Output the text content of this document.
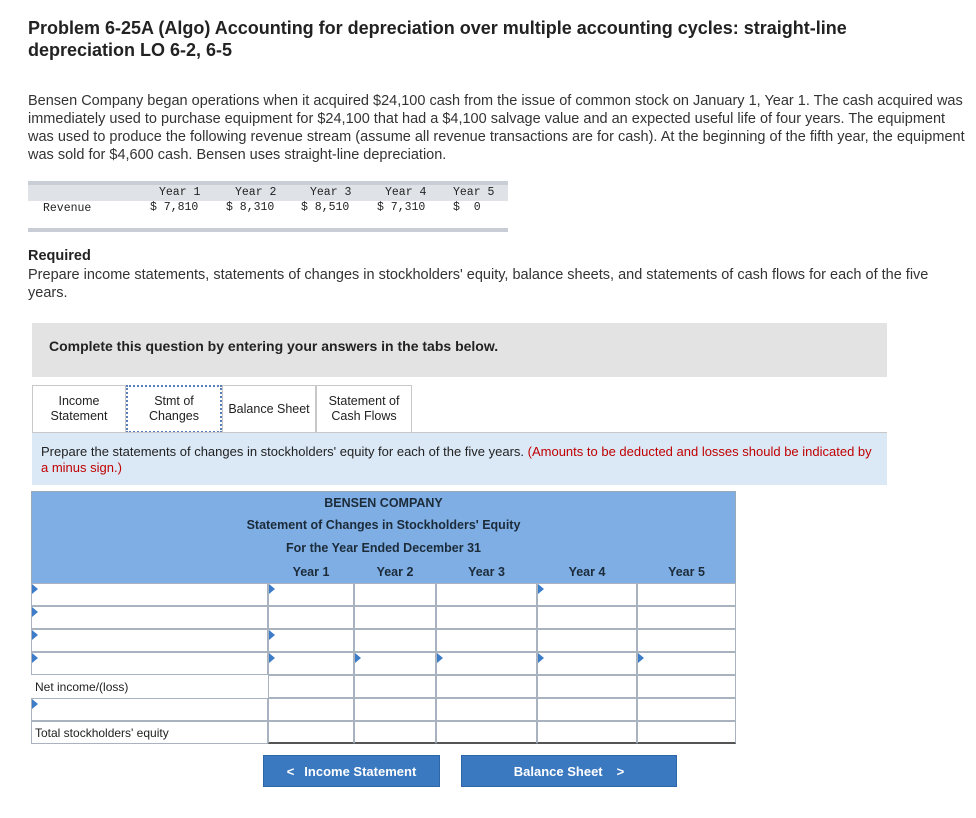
Problem 6-25A (Algo) Accounting for depreciation over multiple accounting cycles: straight-line depreciation LO 6-2, 6-5
Bensen Company began operations when it acquired $24,100 cash from the issue of common stock on January 1, Year 1. The cash acquired was immediately used to purchase equipment for $24,100 that had a $4,100 salvage value and an expected useful life of four years. The equipment was used to produce the following revenue stream (assume all revenue transactions are for cash). At the beginning of the fifth year, the equipment was sold for $4,600 cash. Bensen uses straight-line depreciation.
Year 1	Year 2	Year 3	Year 4 Year 5
Revenue	$ 7,810 $ 8,310 $ 8,510 $ 7,310 $  0
Required
Prepare income statements, statements of changes in stockholders' equity, balance sheets, and statements of cash flows for each of the five years.
Complete this question by entering your answers in the tabs below.
Income
Statement
Stmt of
Changes
Balance Sheet
Statement of
Cash Flows
Prepare the statements of changes in stockholders' equity for each of the five years. (Amounts to be deducted and losses should be indicated by a minus sign.)
BENSEN COMPANY
Statement of Changes in Stockholders' Equity
For the Year Ended December 31
Year 1	Year 2	Year 3	Year 4	Year 5
Net income/(loss)
Total stockholders' equity
< Income Statement	Balance Sheet >
